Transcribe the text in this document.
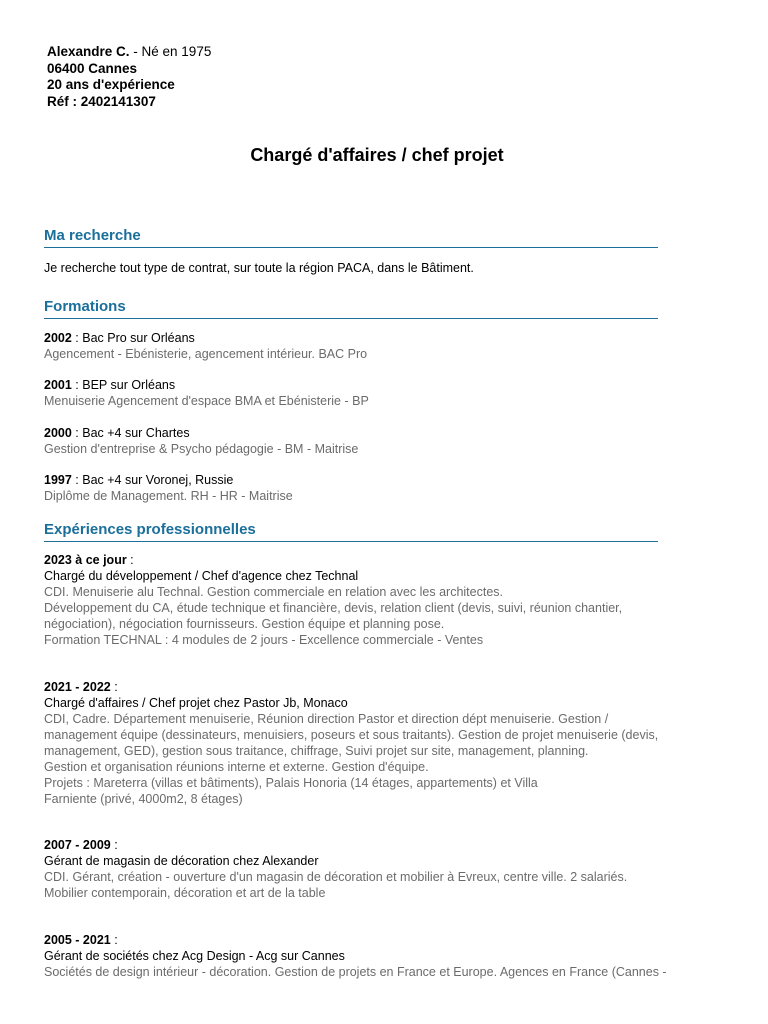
Alexandre C. - Né en 1975
06400 Cannes
20 ans d'expérience
Réf : 2402141307
Chargé d'affaires / chef projet
Ma recherche
Je recherche tout type de contrat, sur toute la région PACA, dans le Bâtiment.
Formations
2002 : Bac Pro sur Orléans
Agencement - Ebénisterie, agencement intérieur. BAC Pro
2001 : BEP sur Orléans
Menuiserie Agencement d'espace BMA et Ebénisterie - BP
2000 : Bac +4 sur Chartes
Gestion d'entreprise & Psycho pédagogie - BM - Maitrise
1997 : Bac +4 sur Voronej, Russie
Diplôme de Management. RH - HR - Maitrise
Expériences professionnelles
2023 à ce jour :
Chargé du développement / Chef d'agence chez Technal
CDI. Menuiserie alu Technal. Gestion commerciale en relation avec les architectes.
Développement du CA, étude technique et financière, devis, relation client (devis, suivi, réunion chantier,
négociation), négociation fournisseurs. Gestion équipe et planning pose.
Formation TECHNAL : 4 modules de 2 jours - Excellence commerciale - Ventes
2021 - 2022 :
Chargé d'affaires / Chef projet chez Pastor Jb, Monaco
CDI, Cadre. Département menuiserie, Réunion direction Pastor et direction dépt menuiserie. Gestion /
management équipe (dessinateurs, menuisiers, poseurs et sous traitants). Gestion de projet menuiserie (devis,
management, GED), gestion sous traitance, chiffrage, Suivi projet sur site, management, planning.
Gestion et organisation réunions interne et externe. Gestion d'équipe.
Projets : Mareterra (villas et bâtiments), Palais Honoria (14 étages, appartements) et Villa
Farniente (privé, 4000m2, 8 étages)
2007 - 2009 :
Gérant de magasin de décoration chez Alexander
CDI. Gérant, création - ouverture d'un magasin de décoration et mobilier à Evreux, centre ville. 2 salariés.
Mobilier contemporain, décoration et art de la table
2005 - 2021 :
Gérant de sociétés chez Acg Design - Acg sur Cannes
Sociétés de design intérieur - décoration. Gestion de projets en France et Europe. Agences en France (Cannes -
